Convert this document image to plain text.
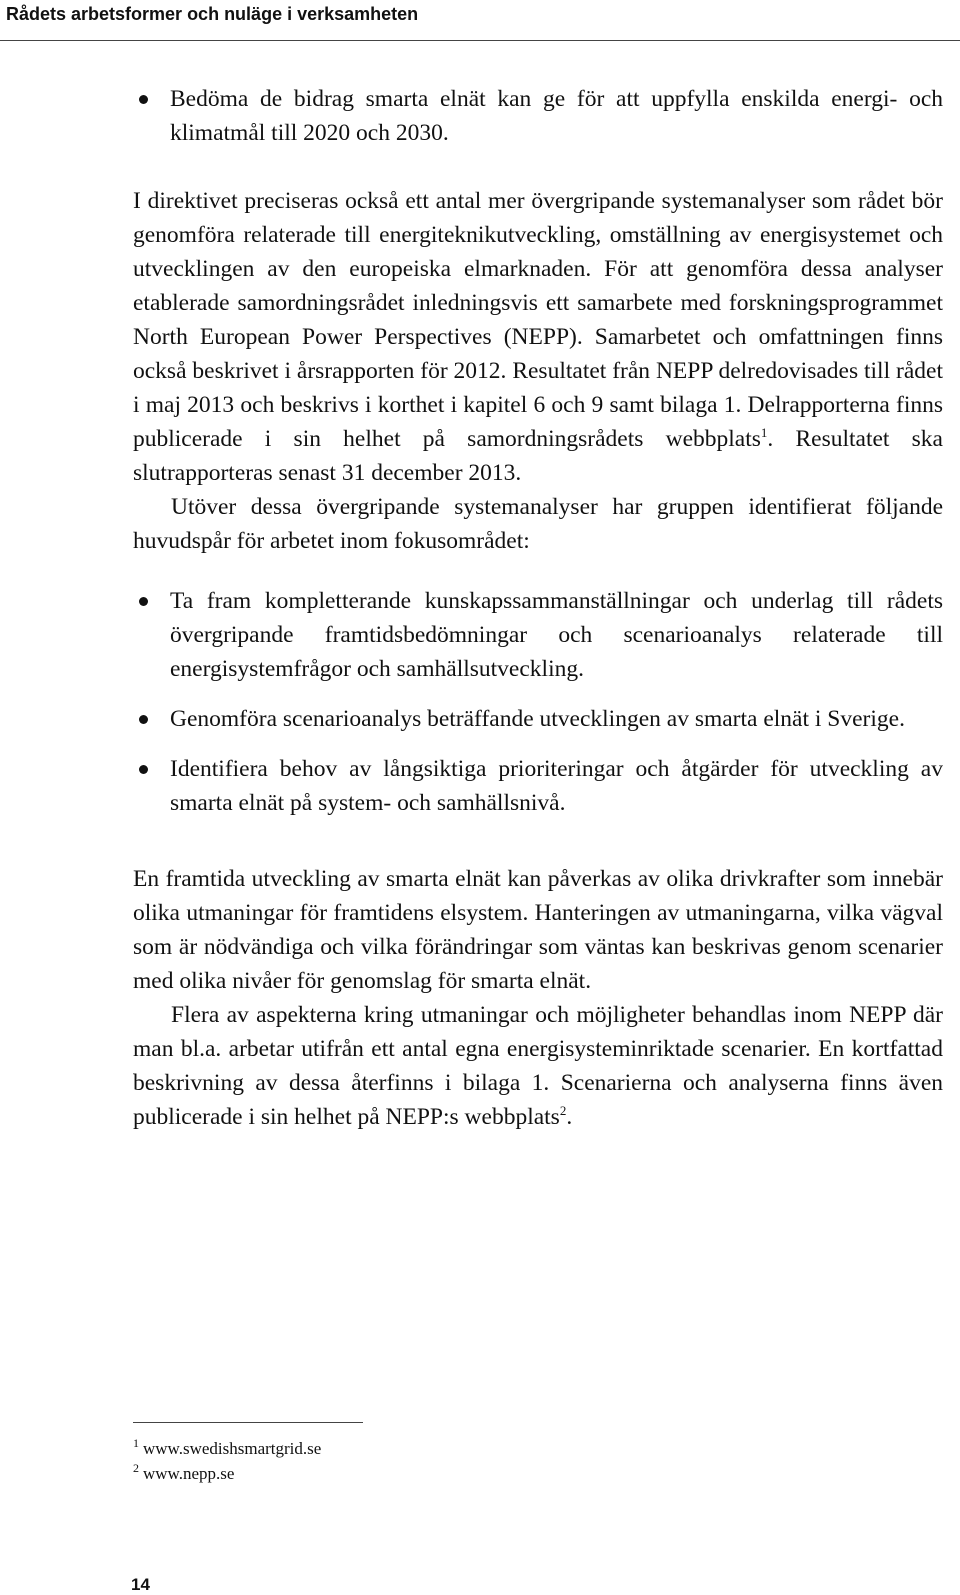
Rådets arbetsformer och nuläge i verksamheten
Bedöma de bidrag smarta elnät kan ge för att uppfylla enskilda energi- och klimatmål till 2020 och 2030.

I direktivet preciseras också ett antal mer övergripande systemanalyser som rådet bör genomföra relaterade till energiteknikutveckling, omställning av energisystemet och utvecklingen av den europeiska elmarknaden. För att genomföra dessa analyser etablerade samordningsrådet inledningsvis ett samarbete med forskningsprogrammet North European Power Perspectives (NEPP). Samarbetet och omfattningen finns också beskrivet i årsrapporten för 2012. Resultatet från NEPP delredovisades till rådet i maj 2013 och beskrivs i korthet i kapitel 6 och 9 samt bilaga 1. Delrapporterna finns publicerade i sin helhet på samordningsrådets webbplats$^1$. Resultatet ska slutrapporteras senast 31 december 2013.

Utöver dessa övergripande systemanalyser har gruppen identifierat följande huvudspår för arbetet inom fokusområdet:

Ta fram kompletterande kunskapssammanställningar och underlag till rådets övergripande framtidsbedömningar och scenarioanalys relaterade till energisystemfrågor och samhällsutveckling.
Genomföra scenarioanalys beträffande utvecklingen av smarta elnät i Sverige.
Identifiera behov av långsiktiga prioriteringar och åtgärder för utveckling av smarta elnät på system- och samhällsnivå.

En framtida utveckling av smarta elnät kan påverkas av olika drivkrafter som innebär olika utmaningar för framtidens elsystem. Hanteringen av utmaningarna, vilka vägval som är nödvändiga och vilka förändringar som väntas kan beskrivas genom scenarier med olika nivåer för genomslag för smarta elnät.

Flera av aspekterna kring utmaningar och möjligheter behandlas inom NEPP där man bl.a. arbetar utifrån ett antal egna energisysteminriktade scenarier. En kortfattad beskrivning av dessa återfinns i bilaga 1. Scenarierna och analyserna finns även publicerade i sin helhet på NEPP:s webbplats$^2$.

$^1$ www.swedishsmartgrid.se
$^2$ www.nepp.se
14
